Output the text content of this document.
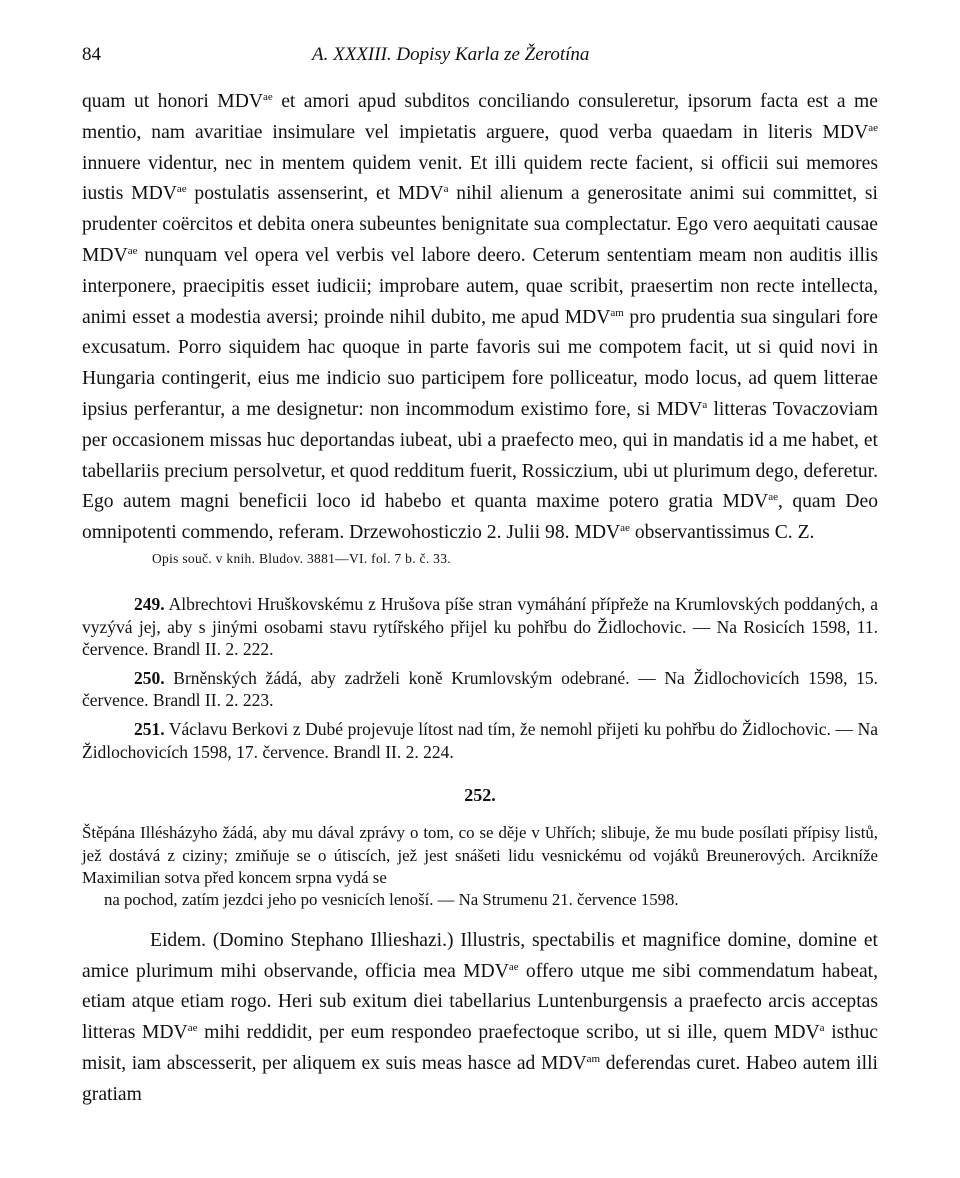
84	A. XXXIII. Dopisy Karla ze Žerotína

quam ut honori $MDV^{ae}$ et amori apud subditos conciliando consuleretur, ipsorum facta est a me mentio, nam avaritiae insimulare vel impietatis arguere, quod verba quaedam in literis $MDV^{ae}$ innuere videntur, nec in mentem quidem venit. Et illi quidem recte facient, si officii sui memores iustis $MDV^{ae}$ postulatis assenserint, et MDV$^a$ nihil alienum a generositate animi sui committet, si prudenter coërcitos et debita onera subeuntes benignitate sua complectatur. Ego vero aequitati causae $MDV^{ae}$ nunquam vel opera vel verbis vel labore deero. Ceterum sententiam meam non auditis illis interponere, praecipitis esset iudicii; improbare autem, quae scribit, praesertim non recte intellecta, animi esset a modestia aversi; proinde nihil dubito, me apud $MDV^{am}$ pro prudentia sua singulari fore excusatum. Porro siquidem hac quoque in parte favoris sui me compotem facit, ut si quid novi in Hungaria contingerit, eius me indicio suo participem fore pollicеatur, modo locus, ad quem litterae ipsius perferantur, a me designetur: non incommodum existimo fore, si MDV$^a$ litteras Tovaczoviam per occasionem missas huc deportandas iubeat, ubi a praefecto meo, qui in mandatis id a me habet, et tabellariis precium persolvetur, et quod redditum fuerit, Rossiczium, ubi ut plurimum dego, deferetur. Ego autem magni beneficii loco id habebo et quanta maxime potero gratia $MDV^{ae}$, quam Deo omnipotenti commendo, referam. Drzewohosticzio 2. Julii 98. $MDV^{ae}$ observantissimus C. Z.

Opis souč. v knih. Bludov. 3881—VI. fol. 7 b. č. 33.

249. Albrechtovi Hruškovskému z Hrušova píše stran vymáhání přípřeže na Krumlovských poddaných, a vyzývá jej, aby s jinými osobami stavu rytířského přijel ku pohřbu do Židlochovic. — Na Rosicích 1598, 11. července. Brandl II. 2. 222.

250. Brněnských žádá, aby zadrželi koně Krumlovským odebrané. — Na Židlochovicích 1598, 15. července. Brandl II. 2. 223.

251. Václavu Berkovi z Dubé projevuje lítost nad tím, že nemohl přijeti ku pohřbu do Židlochovic. — Na Židlochovicích 1598, 17. července. Brandl II. 2. 224.

252.

Štěpána Illésházyho žádá, aby mu dával zprávy o tom, co se děje v Uhřích; slibuje, že mu bude posílati přípisy listů, jež dostává z ciziny; zmiňuje se o útiscích, jež jest snášeti lidu vesnickému od vojáků Breunerových. Arcikníže Maximilian sotva před koncem srpna vydá se
na pochod, zatím jezdci jeho po vesnicích lenoší. — Na Strumenu 21. července 1598.

Eidem. (Domino Stephano Illieshazi.) Illustris, spectabilis et magnifice domine, domine et amice plurimum mihi observande, officia mea $MDV^{ae}$ offero utque me sibi commendatum habeat, etiam atque etiam rogo. Heri sub exitum diei tabellarius Luntenburgensis a praefecto arcis acceptas litteras $MDV^{ae}$ mihi reddidit, per eum respondeo praefectoque scribo, ut si ille, quem MDV$^a$ isthuc misit, iam abscesserit, per aliquem ex suis meas hasce ad $MDV^{am}$ deferendas curet. Habeo autem illi gratiam
